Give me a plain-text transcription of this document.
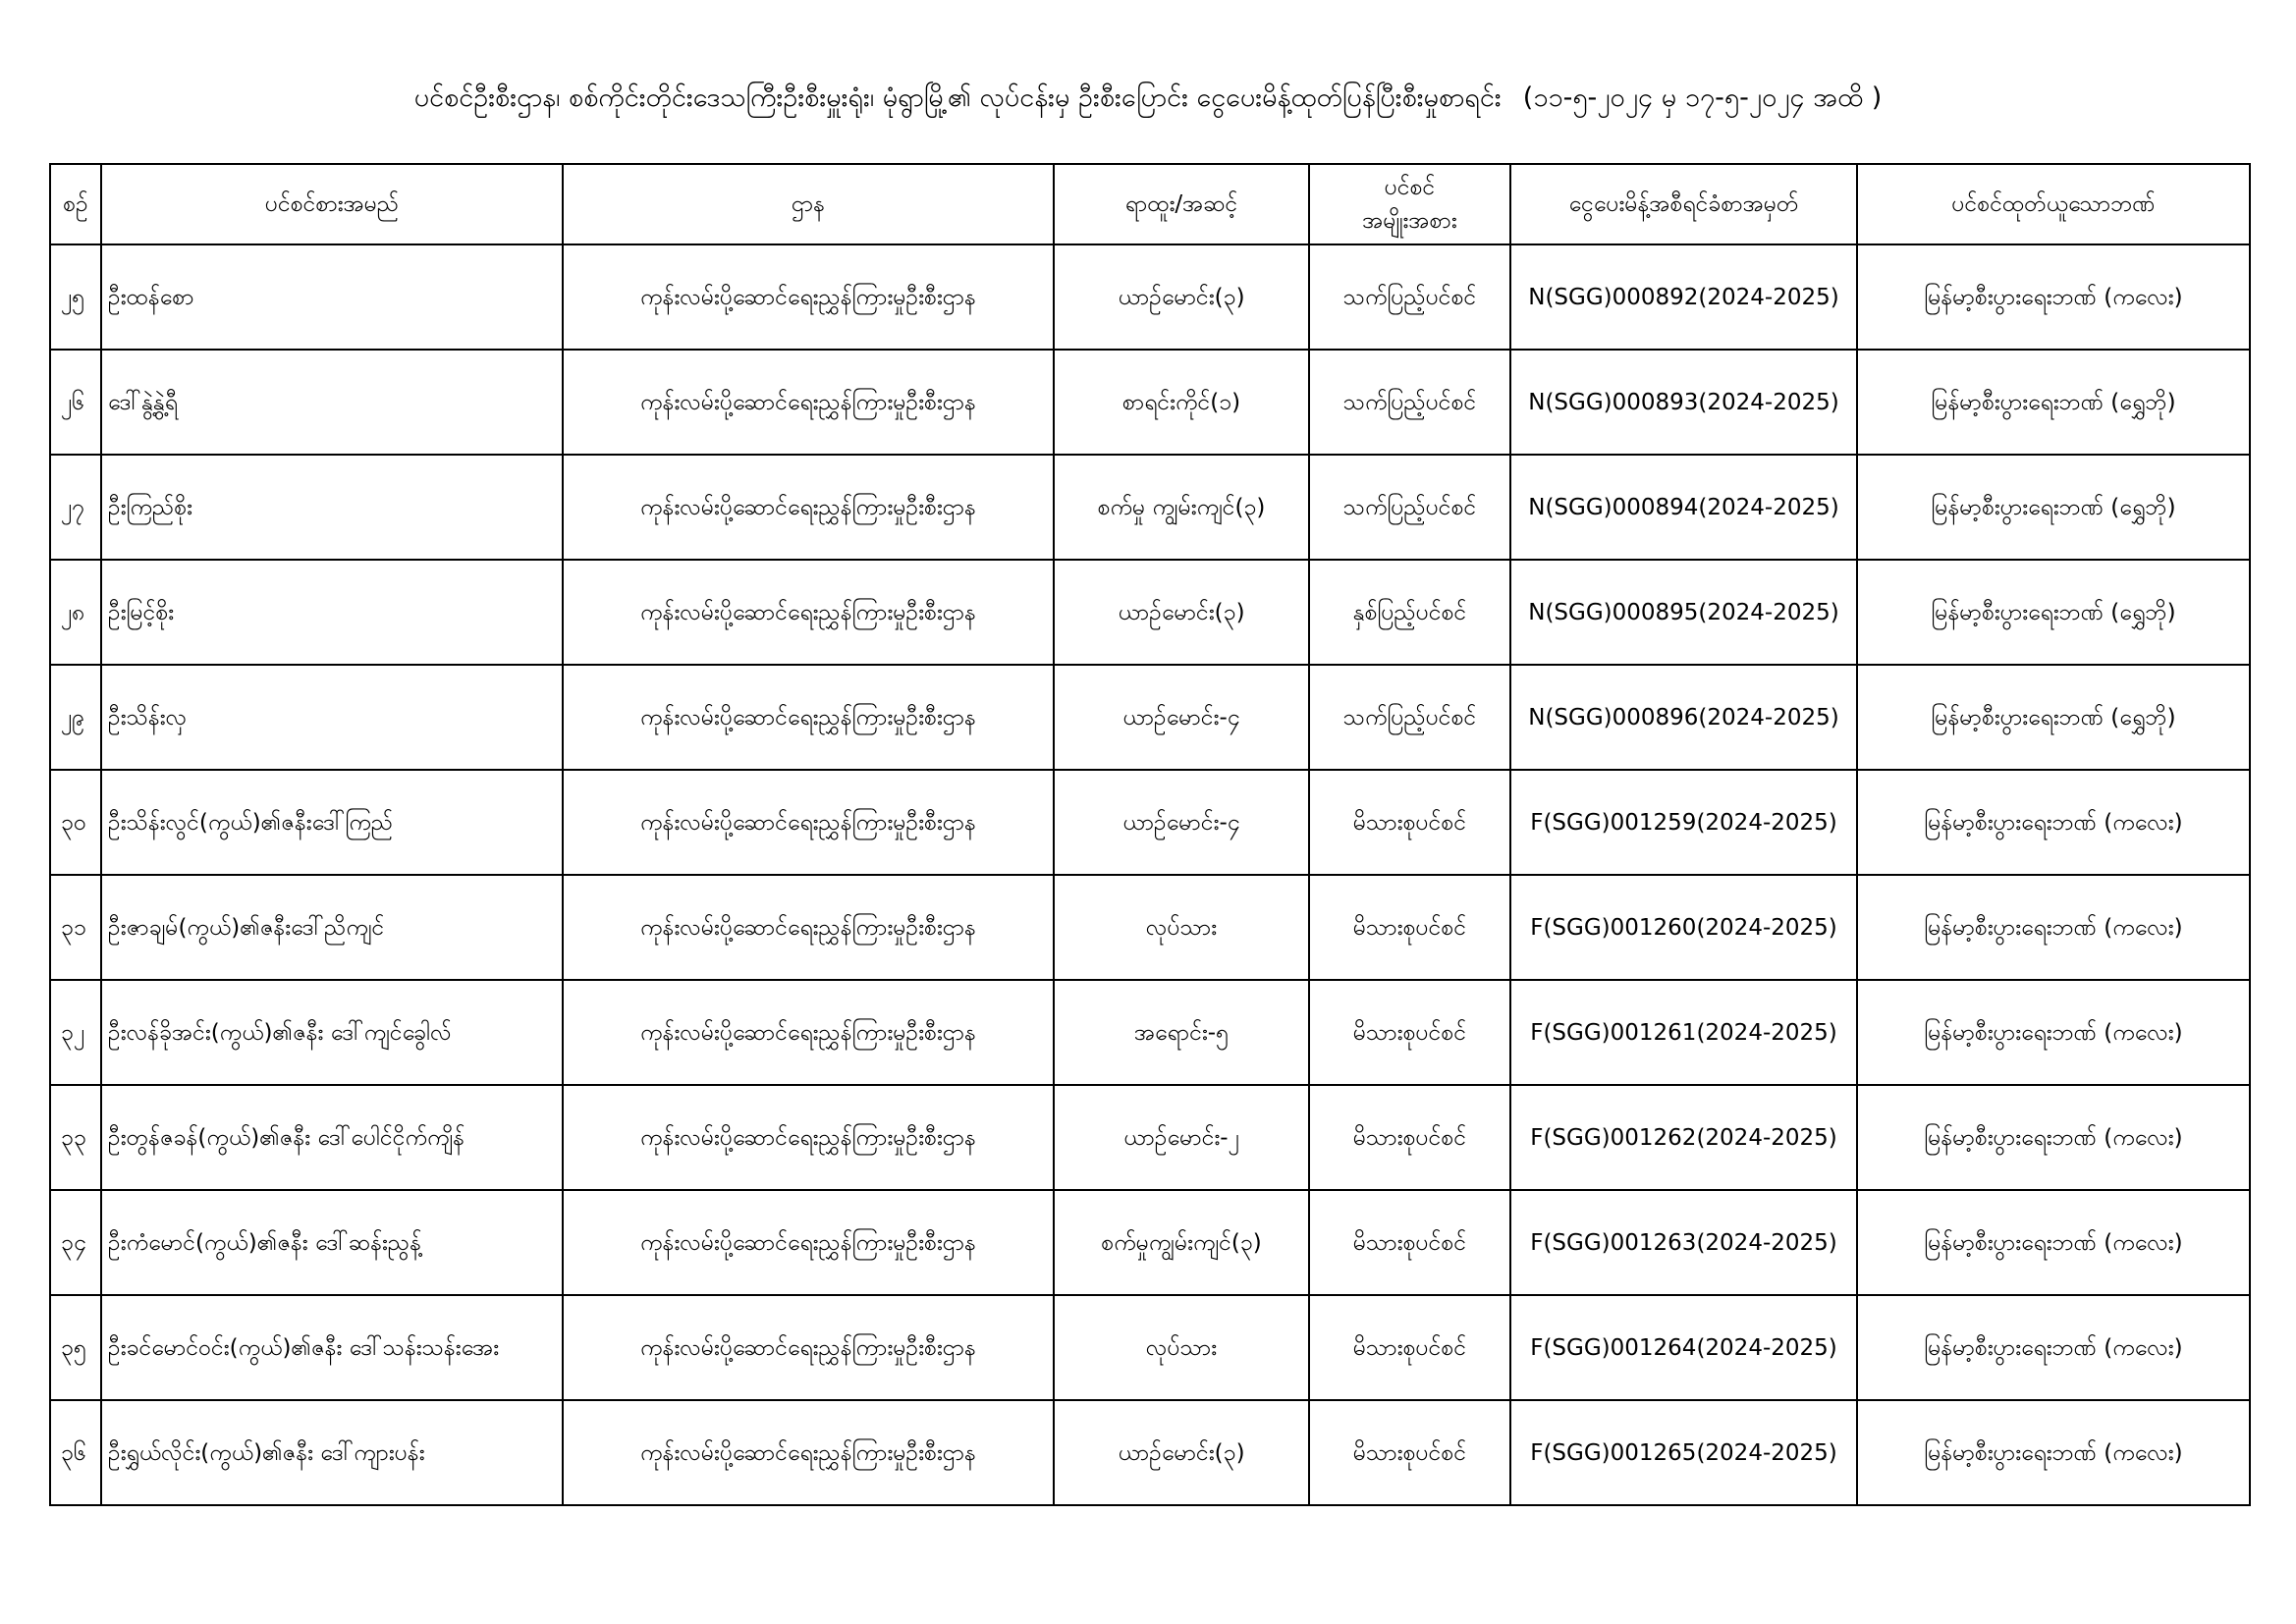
ပင်စင်ဦးစီးဌာန၊ စစ်ကိုင်းတိုင်းဒေသကြီးဦးစီးမှူးရုံး၊ မုံရွာမြို့၏ လုပ်ငန်းမှ ဦးစီးပြောင်း ငွေပေးမိန့်ထုတ်ပြန်ပြီးစီးမှုစာရင်း (၁၁-၅-၂၀၂၄ မှ ၁၇-၅-၂၀၂၄ အထိ )
စဉ်	ပင်စင်စားအမည်	ဌာန	ရာထူး/အဆင့်	ပင်စင်
အမျိုးအစား	ငွေပေးမိန့်အစီရင်ခံစာအမှတ်	ပင်စင်ထုတ်ယူသောဘဏ်
၂၅	ဦးထန်စော	ကုန်းလမ်းပို့ဆောင်ရေးညွှန်ကြားမှုဦးစီးဌာန	ယာဉ်မောင်း(၃)	သက်ပြည့်ပင်စင်	N(SGG)000892(2024-2025)	မြန်မာ့စီးပွားရေးဘဏ် (ကလေး)
၂၆	ဒေါ်နွဲ့နွဲ့ရီ	ကုန်းလမ်းပို့ဆောင်ရေးညွှန်ကြားမှုဦးစီးဌာန	စာရင်းကိုင်(၁)	သက်ပြည့်ပင်စင်	N(SGG)000893(2024-2025)	မြန်မာ့စီးပွားရေးဘဏ် (ရွှေဘို)
၂၇	ဦးကြည်စိုး	ကုန်းလမ်းပို့ဆောင်ရေးညွှန်ကြားမှုဦးစီးဌာန	စက်မှု ကျွမ်းကျင်(၃)	သက်ပြည့်ပင်စင်	N(SGG)000894(2024-2025)	မြန်မာ့စီးပွားရေးဘဏ် (ရွှေဘို)
၂၈	ဦးမြင့်စိုး	ကုန်းလမ်းပို့ဆောင်ရေးညွှန်ကြားမှုဦးစီးဌာန	ယာဉ်မောင်း(၃)	နှစ်ပြည့်ပင်စင်	N(SGG)000895(2024-2025)	မြန်မာ့စီးပွားရေးဘဏ် (ရွှေဘို)
၂၉	ဦးသိန်းလှ	ကုန်းလမ်းပို့ဆောင်ရေးညွှန်ကြားမှုဦးစီးဌာန	ယာဉ်မောင်း-၄	သက်ပြည့်ပင်စင်	N(SGG)000896(2024-2025)	မြန်မာ့စီးပွားရေးဘဏ် (ရွှေဘို)
၃၀	ဦးသိန်းလွင်(ကွယ်)၏ဇနီးဒေါ်ကြည်	ကုန်းလမ်းပို့ဆောင်ရေးညွှန်ကြားမှုဦးစီးဌာန	ယာဉ်မောင်း-၄	မိသားစုပင်စင်	F(SGG)001259(2024-2025)	မြန်မာ့စီးပွားရေးဘဏ် (ကလေး)
၃၁	ဦးဇာချမ်(ကွယ်)၏ဇနီးဒေါ်ညိကျင်	ကုန်းလမ်းပို့ဆောင်ရေးညွှန်ကြားမှုဦးစီးဌာန	လုပ်သား	မိသားစုပင်စင်	F(SGG)001260(2024-2025)	မြန်မာ့စီးပွားရေးဘဏ် (ကလေး)
၃၂	ဦးလန်ခိုအင်း(ကွယ်)၏ဇနီး ဒေါ်ကျင်ခွေါလ်	ကုန်းလမ်းပို့ဆောင်ရေးညွှန်ကြားမှုဦးစီးဌာန	အရောင်း-၅	မိသားစုပင်စင်	F(SGG)001261(2024-2025)	မြန်မာ့စီးပွားရေးဘဏ် (ကလေး)
၃၃	ဦးတွန်ဇခန်(ကွယ်)၏ဇနီး ဒေါ်ပေါင်ငိုက်ကျိန်	ကုန်းလမ်းပို့ဆောင်ရေးညွှန်ကြားမှုဦးစီးဌာန	ယာဉ်မောင်း-၂	မိသားစုပင်စင်	F(SGG)001262(2024-2025)	မြန်မာ့စီးပွားရေးဘဏ် (ကလေး)
၃၄	ဦးကံမောင်(ကွယ်)၏ဇနီး ဒေါ်ဆန်းညွန့်	ကုန်းလမ်းပို့ဆောင်ရေးညွှန်ကြားမှုဦးစီးဌာန	စက်မှုကျွမ်းကျင်(၃)	မိသားစုပင်စင်	F(SGG)001263(2024-2025)	မြန်မာ့စီးပွားရေးဘဏ် (ကလေး)
၃၅	ဦးခင်မောင်ဝင်း(ကွယ်)၏ဇနီး ဒေါ်သန်းသန်းအေး	ကုန်းလမ်းပို့ဆောင်ရေးညွှန်ကြားမှုဦးစီးဌာန	လုပ်သား	မိသားစုပင်စင်	F(SGG)001264(2024-2025)	မြန်မာ့စီးပွားရေးဘဏ် (ကလေး)
၃၆	ဦးရွှယ်လိုင်း(ကွယ်)၏ဇနီး ဒေါ်ကျားပန်း	ကုန်းလမ်းပို့ဆောင်ရေးညွှန်ကြားမှုဦးစီးဌာန	ယာဉ်မောင်း(၃)	မိသားစုပင်စင်	F(SGG)001265(2024-2025)	မြန်မာ့စီးပွားရေးဘဏ် (ကလေး)
